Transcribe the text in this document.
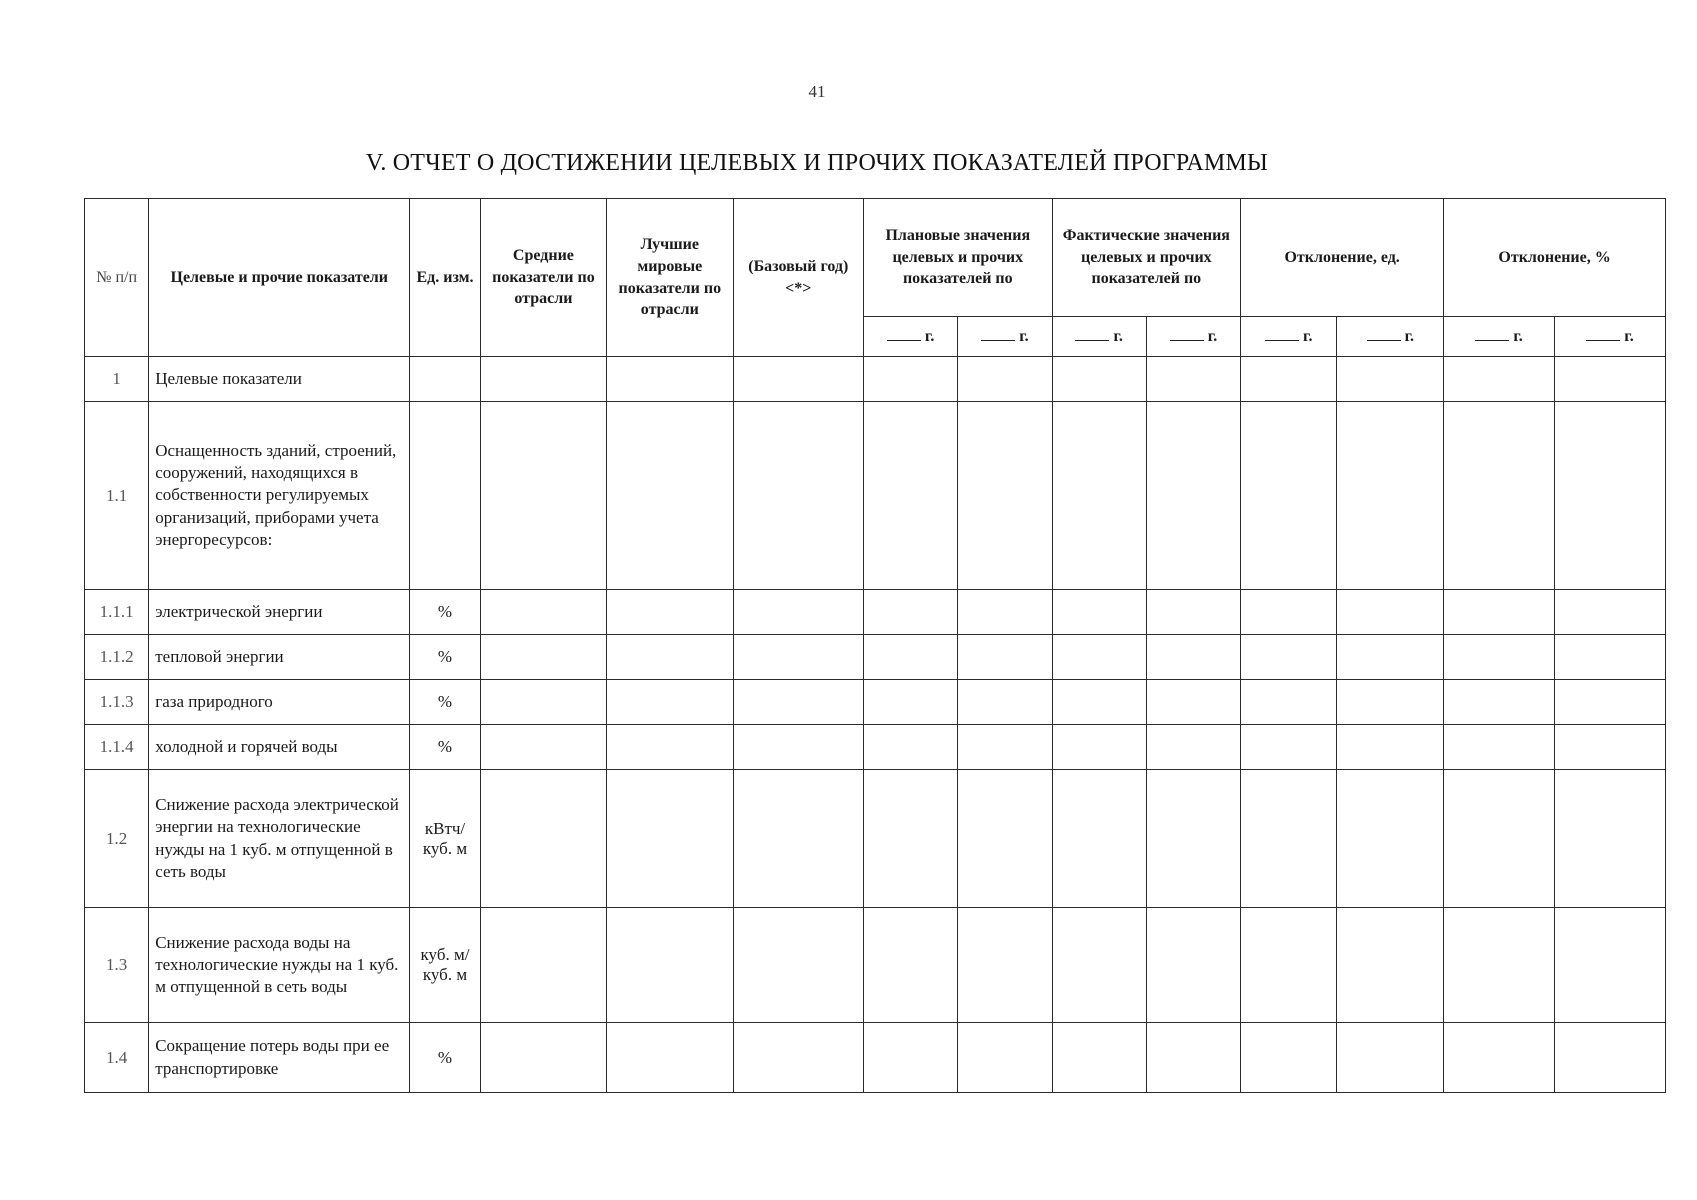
41
V. ОТЧЕТ О ДОСТИЖЕНИИ ЦЕЛЕВЫХ И ПРОЧИХ ПОКАЗАТЕЛЕЙ ПРОГРАММЫ
№ п/п	Целевые и прочие показатели	Ед. изм.	Средние показатели по отрасли	Лучшие мировые показатели по отрасли	(Базовый год) <*>	Плановые значения целевых и прочих показателей по		Фактические значения целевых и прочих показателей по		Отклонение, ед.		Отклонение, %	
						г.	г.	г.	г.	г.	г.	г.	г.
1	Целевые показатели												
1.1	Оснащенность зданий, строений, сооружений, находящихся в собственности регулируемых организаций, приборами учета энергоресурсов:												
1.1.1	электрической энергии	%											
1.1.2	тепловой энергии	%											
1.1.3	газа природного	%											
1.1.4	холодной и горячей воды	%											
1.2	Снижение расхода электрической энергии на технологические нужды на 1 куб. м отпущенной в сеть воды	кВтч/ куб. м											
1.3	Снижение расхода воды на технологические нужды на 1 куб. м отпущенной в сеть воды	куб. м/ куб. м											
1.4	Сокращение потерь воды при ее транспортировке	%											
